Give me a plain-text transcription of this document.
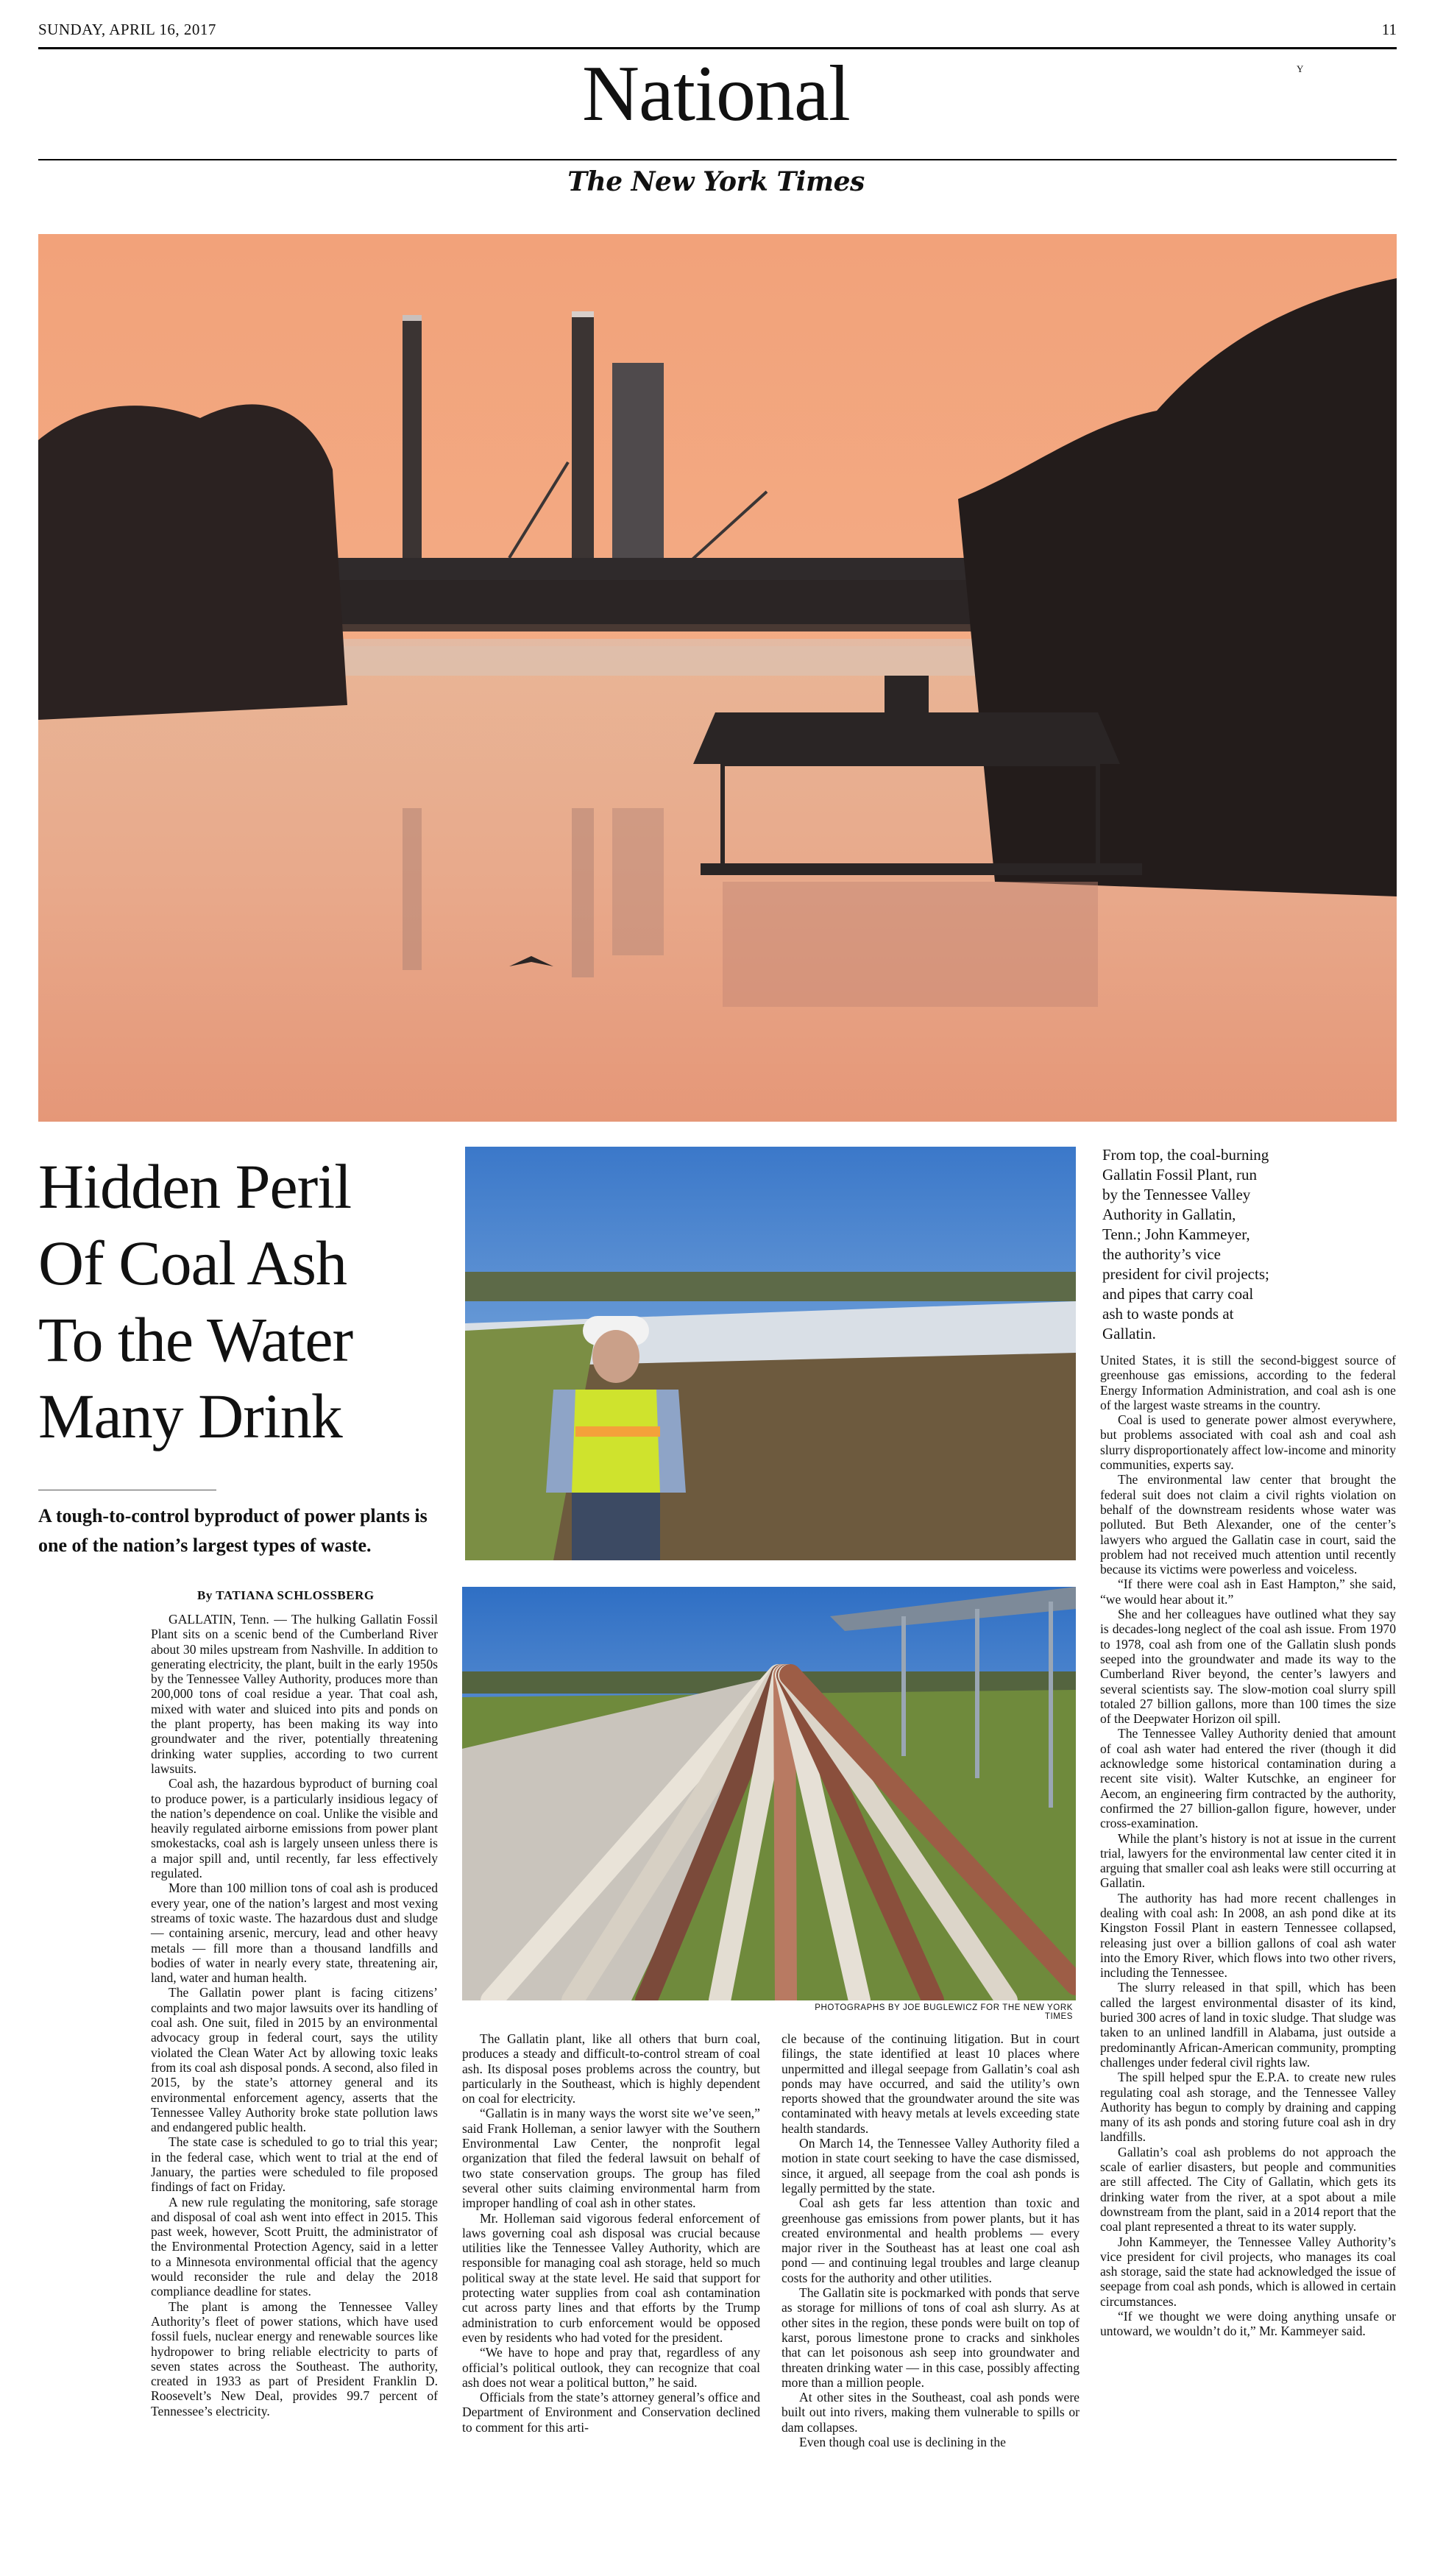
SUNDAY, APRIL 16, 2017	11
National	Y
The New York Times
Hidden Peril
Of Coal Ash
To the Water
Many Drink
A tough-to-control byproduct of power plants is one of the nation’s largest types of waste.
By TATIANA SCHLOSSBERG
PHOTOGRAPHS BY JOE BUGLEWICZ FOR THE NEW YORK TIMES
From top, the coal-burning Gallatin Fossil Plant, run by the Tennessee Valley Authority in Gallatin, Tenn.; John Kammeyer, the authority’s vice president for civil projects; and pipes that carry coal ash to waste ponds at Gallatin.

GALLATIN, Tenn. — The hulking Gallatin Fossil Plant sits on a scenic bend of the Cumberland River about 30 miles upstream from Nashville. In addition to generating electricity, the plant, built in the early 1950s by the Tennessee Valley Authority, produces more than 200,000 tons of coal residue a year. That coal ash, mixed with water and sluiced into pits and ponds on the plant property, has been making its way into groundwater and the river, potentially threatening drinking water supplies, according to two current lawsuits.

Coal ash, the hazardous byproduct of burning coal to produce power, is a particularly insidious legacy of the nation’s dependence on coal. Unlike the visible and heavily regulated airborne emissions from power plant smokestacks, coal ash is largely unseen unless there is a major spill and, until recently, far less effectively regulated.

More than 100 million tons of coal ash is produced every year, one of the nation’s largest and most vexing streams of toxic waste. The hazardous dust and sludge — containing arsenic, mercury, lead and other heavy metals — fill more than a thousand landfills and bodies of water in nearly every state, threatening air, land, water and human health.

The Gallatin power plant is facing citizens’ complaints and two major lawsuits over its handling of coal ash. One suit, filed in 2015 by an environmental advocacy group in federal court, says the utility violated the Clean Water Act by allowing toxic leaks from its coal ash disposal ponds. A second, also filed in 2015, by the state’s attorney general and its environmental enforcement agency, asserts that the Tennessee Valley Authority broke state pollution laws and endangered public health.

The state case is scheduled to go to trial this year; in the federal case, which went to trial at the end of January, the parties were scheduled to file proposed findings of fact on Friday.

A new rule regulating the monitoring, safe storage and disposal of coal ash went into effect in 2015. This past week, however, Scott Pruitt, the administrator of the Environmental Protection Agency, said in a letter to a Minnesota environmental official that the agency would reconsider the rule and delay the 2018 compliance deadline for states.

The plant is among the Tennessee Valley Authority’s fleet of power stations, which have used fossil fuels, nuclear energy and renewable sources like hydropower to bring reliable electricity to parts of seven states across the Southeast. The authority, created in 1933 as part of President Franklin D. Roosevelt’s New Deal, provides 99.7 percent of Tennessee’s electricity.

The Gallatin plant, like all others that burn coal, produces a steady and difficult-to-control stream of coal ash. Its disposal poses problems across the country, but particularly in the Southeast, which is highly dependent on coal for electricity.

“Gallatin is in many ways the worst site we’ve seen,” said Frank Holleman, a senior lawyer with the Southern Environmental Law Center, the nonprofit legal organization that filed the federal lawsuit on behalf of two state conservation groups. The group has filed several other suits claiming environmental harm from improper handling of coal ash in other states.

Mr. Holleman said vigorous federal enforcement of laws governing coal ash disposal was crucial because utilities like the Tennessee Valley Authority, which are responsible for managing coal ash storage, held so much political sway at the state level. He said that support for protecting water supplies from coal ash contamination cut across party lines and that efforts by the Trump administration to curb enforcement would be opposed even by residents who had voted for the president.

“We have to hope and pray that, regardless of any official’s political outlook, they can recognize that coal ash does not wear a political button,” he said.

Officials from the state’s attorney general’s office and Department of Environment and Conservation declined to comment for this arti-

cle because of the continuing litigation. But in court filings, the state identified at least 10 places where unpermitted and illegal seepage from Gallatin’s coal ash ponds may have occurred, and said the utility’s own reports showed that the groundwater around the site was contaminated with heavy metals at levels exceeding state health standards.

On March 14, the Tennessee Valley Authority filed a motion in state court seeking to have the case dismissed, since, it argued, all seepage from the coal ash ponds is legally permitted by the state.

Coal ash gets far less attention than toxic and greenhouse gas emissions from power plants, but it has created environmental and health problems — every major river in the Southeast has at least one coal ash pond — and continuing legal troubles and large cleanup costs for the authority and other utilities.

The Gallatin site is pockmarked with ponds that serve as storage for millions of tons of coal ash slurry. As at other sites in the region, these ponds were built on top of karst, porous limestone prone to cracks and sinkholes that can let poisonous ash seep into groundwater and threaten drinking water — in this case, possibly affecting more than a million people.

At other sites in the Southeast, coal ash ponds were built out into rivers, making them vulnerable to spills or dam collapses.

Even though coal use is declining in the

United States, it is still the second-biggest source of greenhouse gas emissions, according to the federal Energy Information Administration, and coal ash is one of the largest waste streams in the country.

Coal is used to generate power almost everywhere, but problems associated with coal ash and coal ash slurry disproportionately affect low-income and minority communities, experts say.

The environmental law center that brought the federal suit does not claim a civil rights violation on behalf of the downstream residents whose water was polluted. But Beth Alexander, one of the center’s lawyers who argued the Gallatin case in court, said the problem had not received much attention until recently because its victims were powerless and voiceless.

“If there were coal ash in East Hampton,” she said, “we would hear about it.”

She and her colleagues have outlined what they say is decades-long neglect of the coal ash issue. From 1970 to 1978, coal ash from one of the Gallatin slush ponds seeped into the groundwater and made its way to the Cumberland River beyond, the center’s lawyers and several scientists say. The slow-motion coal slurry spill totaled 27 billion gallons, more than 100 times the size of the Deepwater Horizon oil spill.

The Tennessee Valley Authority denied that amount of coal ash water had entered the river (though it did acknowledge some historical contamination during a recent site visit). Walter Kutschke, an engineer for Aecom, an engineering firm contracted by the authority, confirmed the 27 billion-gallon figure, however, under cross-examination.

While the plant’s history is not at issue in the current trial, lawyers for the environmental law center cited it in arguing that smaller coal ash leaks were still occurring at Gallatin.

The authority has had more recent challenges in dealing with coal ash: In 2008, an ash pond dike at its Kingston Fossil Plant in eastern Tennessee collapsed, releasing just over a billion gallons of coal ash water into the Emory River, which flows into two other rivers, including the Tennessee.

The slurry released in that spill, which has been called the largest environmental disaster of its kind, buried 300 acres of land in toxic sludge. That sludge was taken to an unlined landfill in Alabama, just outside a predominantly African-American community, prompting challenges under federal civil rights law.

The spill helped spur the E.P.A. to create new rules regulating coal ash storage, and the Tennessee Valley Authority has begun to comply by draining and capping many of its ash ponds and storing future coal ash in dry landfills.

Gallatin’s coal ash problems do not approach the scale of earlier disasters, but people and communities are still affected. The City of Gallatin, which gets its drinking water from the river, at a spot about a mile downstream from the plant, said in a 2014 report that the coal plant represented a threat to its water supply.

John Kammeyer, the Tennessee Valley Authority’s vice president for civil projects, who manages its coal ash storage, said the state had acknowledged the issue of seepage from coal ash ponds, which is allowed in certain circumstances.

“If we thought we were doing anything unsafe or untoward, we wouldn’t do it,” Mr. Kammeyer said.
